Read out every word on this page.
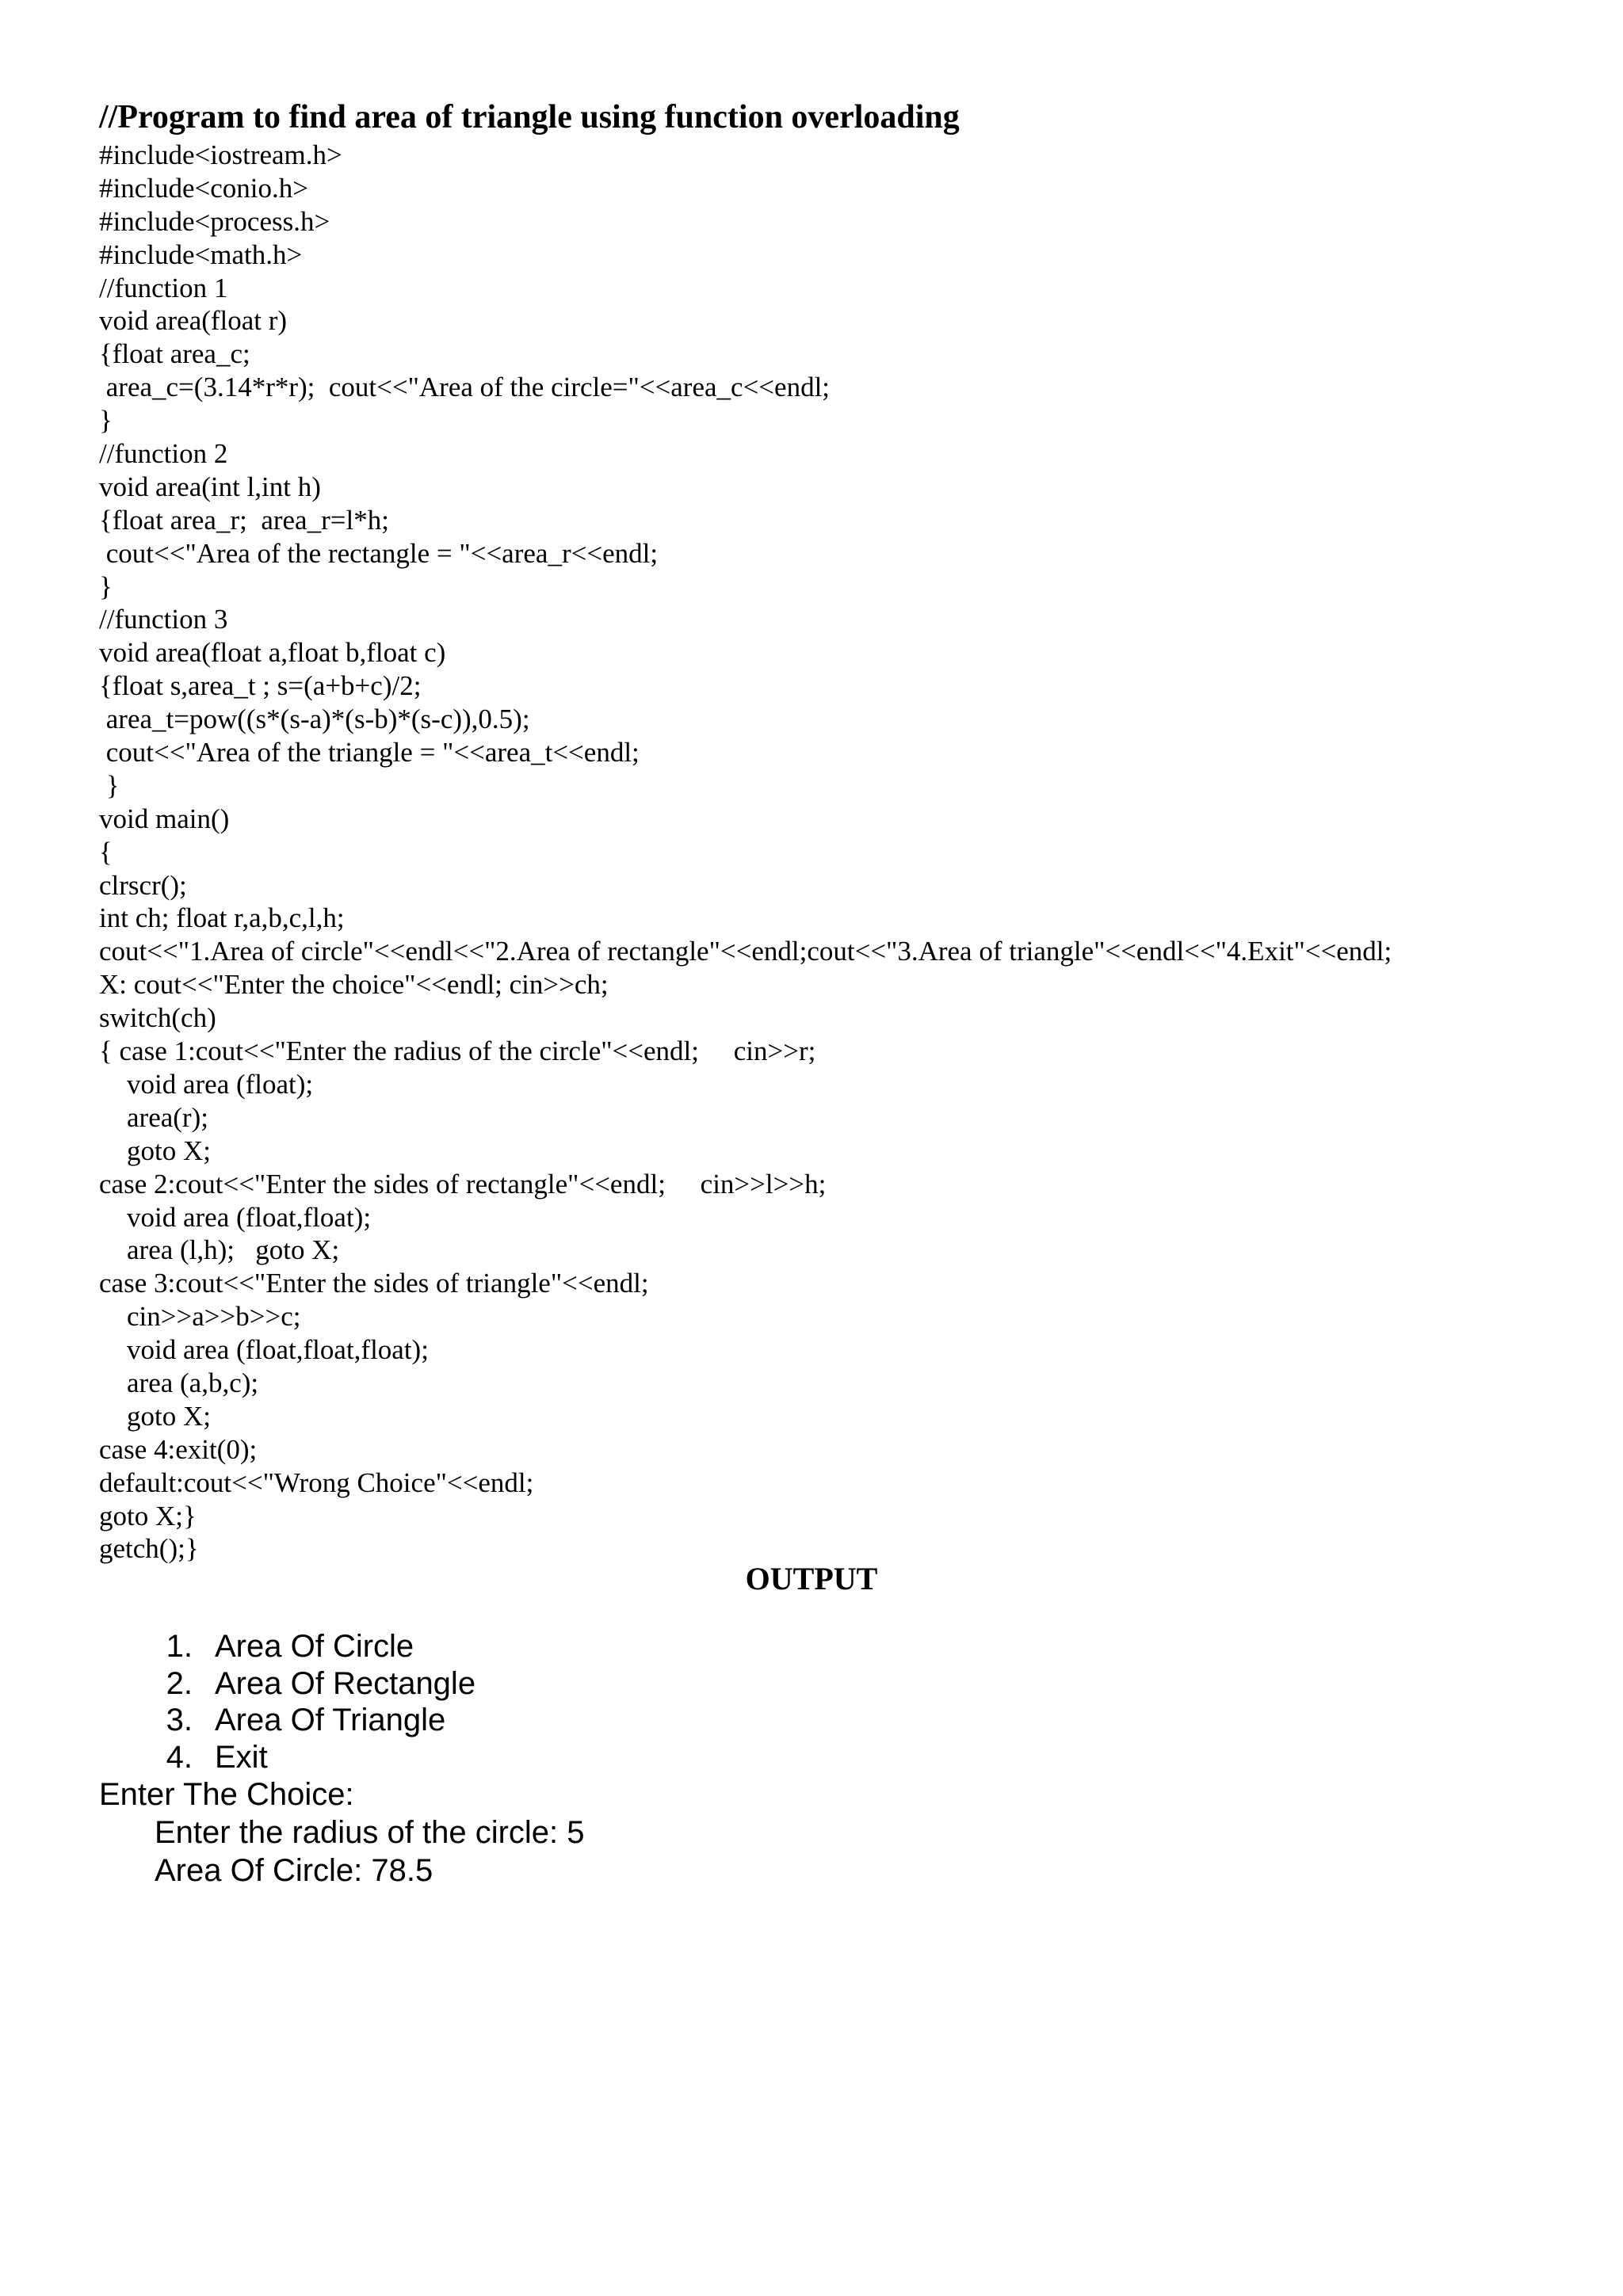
//Program to find area of triangle using function overloading
#include<iostream.h>
#include<conio.h>
#include<process.h>
#include<math.h>
//function 1
void area(float r)
{float area_c;
area_c=(3.14*r*r);  cout<<"Area of the circle="<<area_c<<endl;
}
//function 2
void area(int l,int h)
{float area_r;  area_r=l*h;
cout<<"Area of the rectangle = "<<area_r<<endl;
}
//function 3
void area(float a,float b,float c)
{float s,area_t ; s=(a+b+c)/2;
area_t=pow((s*(s-a)*(s-b)*(s-c)),0.5);
cout<<"Area of the triangle = "<<area_t<<endl;
}
void main()
{
clrscr();
int ch; float r,a,b,c,l,h;
cout<<"1.Area of circle"<<endl<<"2.Area of rectangle"<<endl;cout<<"3.Area of triangle"<<endl<<"4.Exit"<<endl;
X: cout<<"Enter the choice"<<endl; cin>>ch;
switch(ch)
{ case 1:cout<<"Enter the radius of the circle"<<endl;     cin>>r;
void area (float);
area(r);
goto X;
case 2:cout<<"Enter the sides of rectangle"<<endl;     cin>>l>>h;
void area (float,float);
area (l,h);   goto X;
case 3:cout<<"Enter the sides of triangle"<<endl;
cin>>a>>b>>c;
void area (float,float,float);
area (a,b,c);
goto X;
case 4:exit(0);
default:cout<<"Wrong Choice"<<endl;
goto X;}
getch();}
OUTPUT
1. Area Of Circle
2. Area Of Rectangle
3. Area Of Triangle
4. Exit
Enter The Choice:
Enter the radius of the circle: 5
Area Of Circle: 78.5
